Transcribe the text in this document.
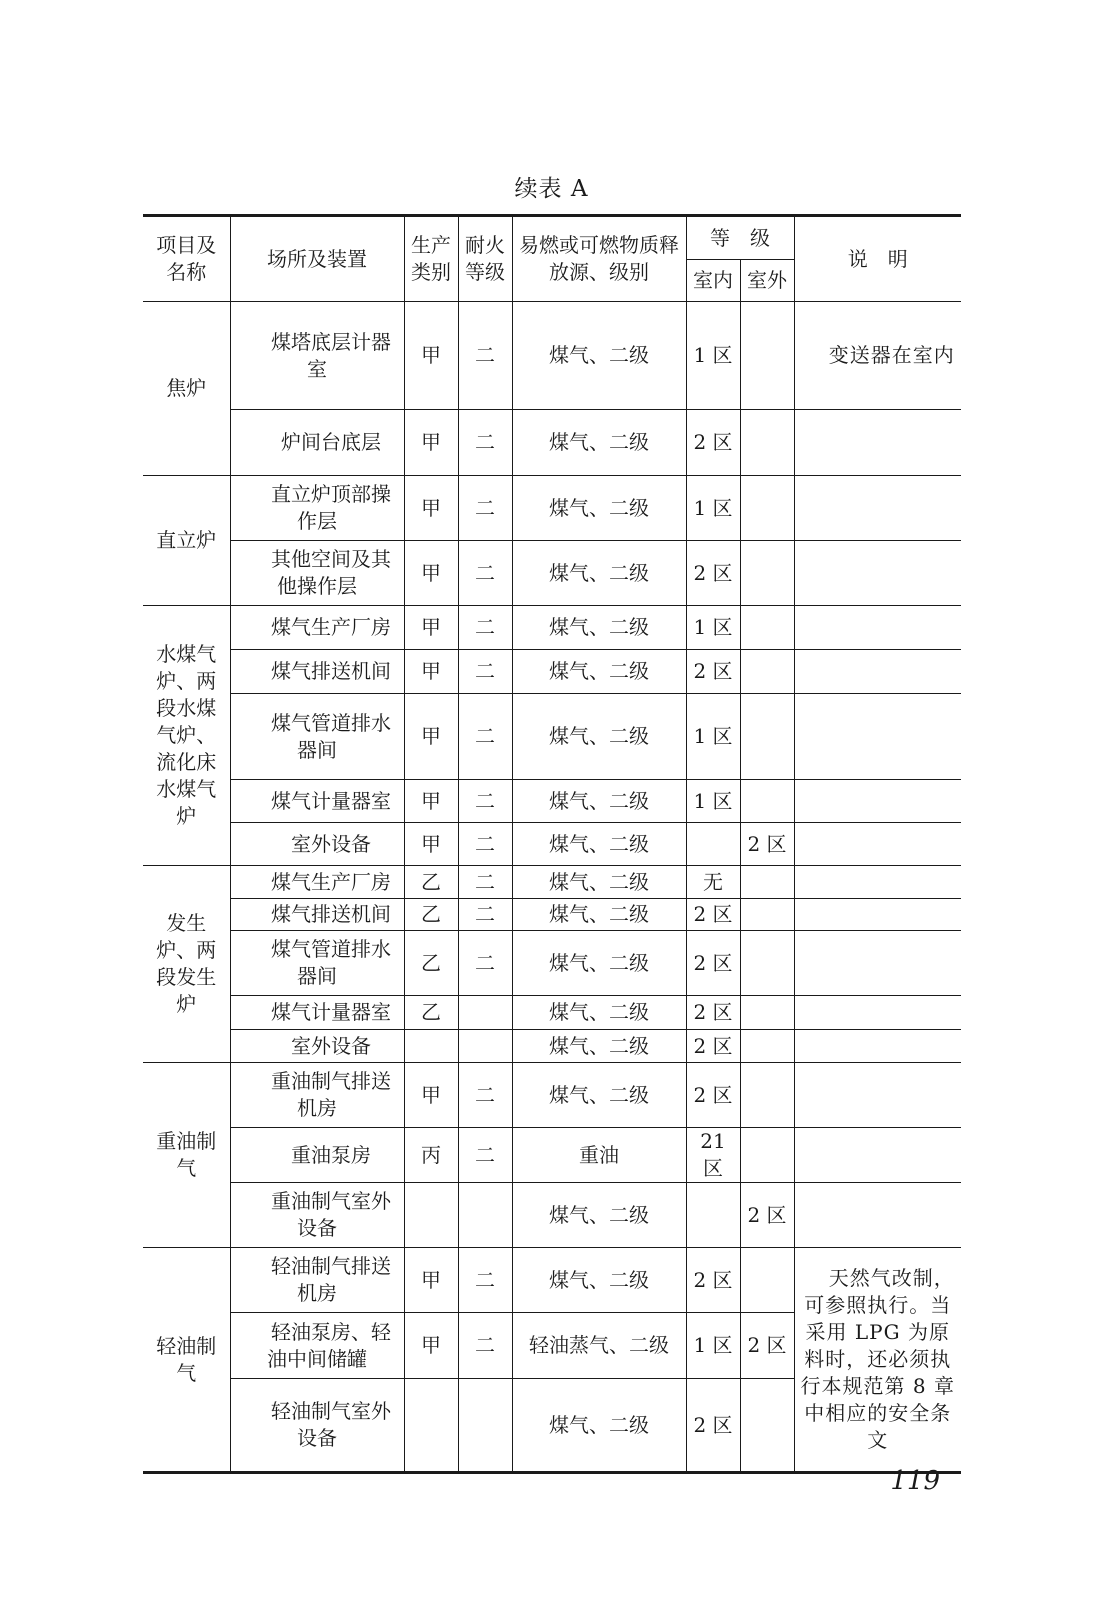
续表 A
项目及名称	场所及装置	生产类别	耐火等级	易燃或可燃物质释放源、级别	等　级		说　明
					室内	室外	
焦炉	煤塔底层计器室	甲	二	煤气、二级	1 区		变送器在室内
	炉间台底层	甲	二	煤气、二级	2 区		
直立炉	直立炉顶部操作层	甲	二	煤气、二级	1 区		
	其他空间及其他操作层	甲	二	煤气、二级	2 区		
水煤气炉、两段水煤气炉、流化床水煤气炉	煤气生产厂房	甲	二	煤气、二级	1 区		
	煤气排送机间	甲	二	煤气、二级	2 区		
	煤气管道排水器间	甲	二	煤气、二级	1 区		
	煤气计量器室	甲	二	煤气、二级	1 区		
	室外设备	甲	二	煤气、二级		2 区	
发生炉、两段发生炉	煤气生产厂房	乙	二	煤气、二级	无		
	煤气排送机间	乙	二	煤气、二级	2 区		
	煤气管道排水器间	乙	二	煤气、二级	2 区		
	煤气计量器室	乙		煤气、二级	2 区		
	室外设备			煤气、二级	2 区		
重油制气	重油制气排送机房	甲	二	煤气、二级	2 区		
	重油泵房	丙	二	重油	21 区		
	重油制气室外设备			煤气、二级		2 区	
轻油制气	轻油制气排送机房	甲	二	煤气、二级	2 区		天然气改制，可参照执行。当采用 LPG 为原料时，还必须执行本规范第 8 章中相应的安全条文
	轻油泵房、轻油中间储罐	甲	二	轻油蒸气、二级	1 区	2 区	
	轻油制气室外设备			煤气、二级	2 区		
119
